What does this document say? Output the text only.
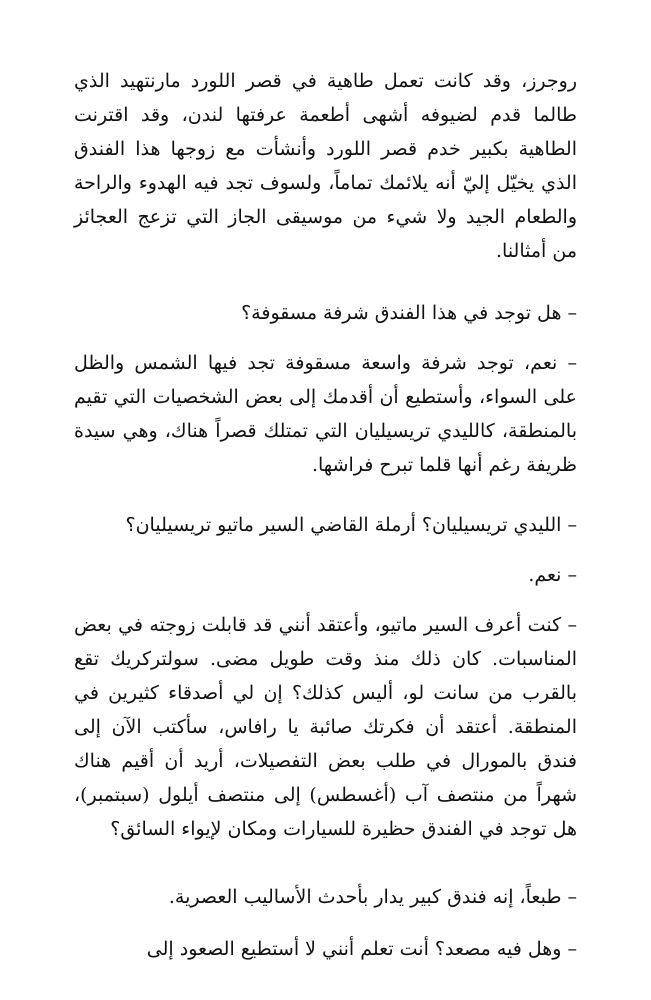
روجرز، وقد كانت تعمل طاهية في قصر اللورد مارنتهيد الذي طالما قدم لضيوفه أشهى أطعمة عرفتها لندن، وقد اقترنت الطاهية بكبير خدم قصر اللورد وأنشأت مع زوجها هذا الفندق الذي يخيّل إليّ أنه يلائمك تماماً، ولسوف تجد فيه الهدوء والراحة والطعام الجيد ولا شيء من موسيقى الجاز التي تزعج العجائز من أمثالنا.

– هل توجد في هذا الفندق شرفة مسقوفة؟

– نعم، توجد شرفة واسعة مسقوفة تجد فيها الشمس والظل على السواء، وأستطيع أن أقدمك إلى بعض الشخصيات التي تقيم بالمنطقة، كالليدي تريسيليان التي تمتلك قصراً هناك، وهي سيدة ظريفة رغم أنها قلما تبرح فراشها.

– الليدي تريسيليان؟ أرملة القاضي السير ماتيو تريسيليان؟

– نعم.

– كنت أعرف السير ماتيو، وأعتقد أنني قد قابلت زوجته في بعض المناسبات. كان ذلك منذ وقت طويل مضى. سولتركريك تقع بالقرب من سانت لو، أليس كذلك؟ إن لي أصدقاء كثيرين في المنطقة. أعتقد أن فكرتك صائبة يا رافاس، سأكتب الآن إلى فندق بالمورال في طلب بعض التفصيلات، أريد أن أقيم هناك شهراً من منتصف آب (أغسطس) إلى منتصف أيلول (سبتمبر)، هل توجد في الفندق حظيرة للسيارات ومكان لإيواء السائق؟

– طبعاً، إنه فندق كبير يدار بأحدث الأساليب العصرية.

– وهل فيه مصعد؟ أنت تعلم أنني لا أستطيع الصعود إلى
